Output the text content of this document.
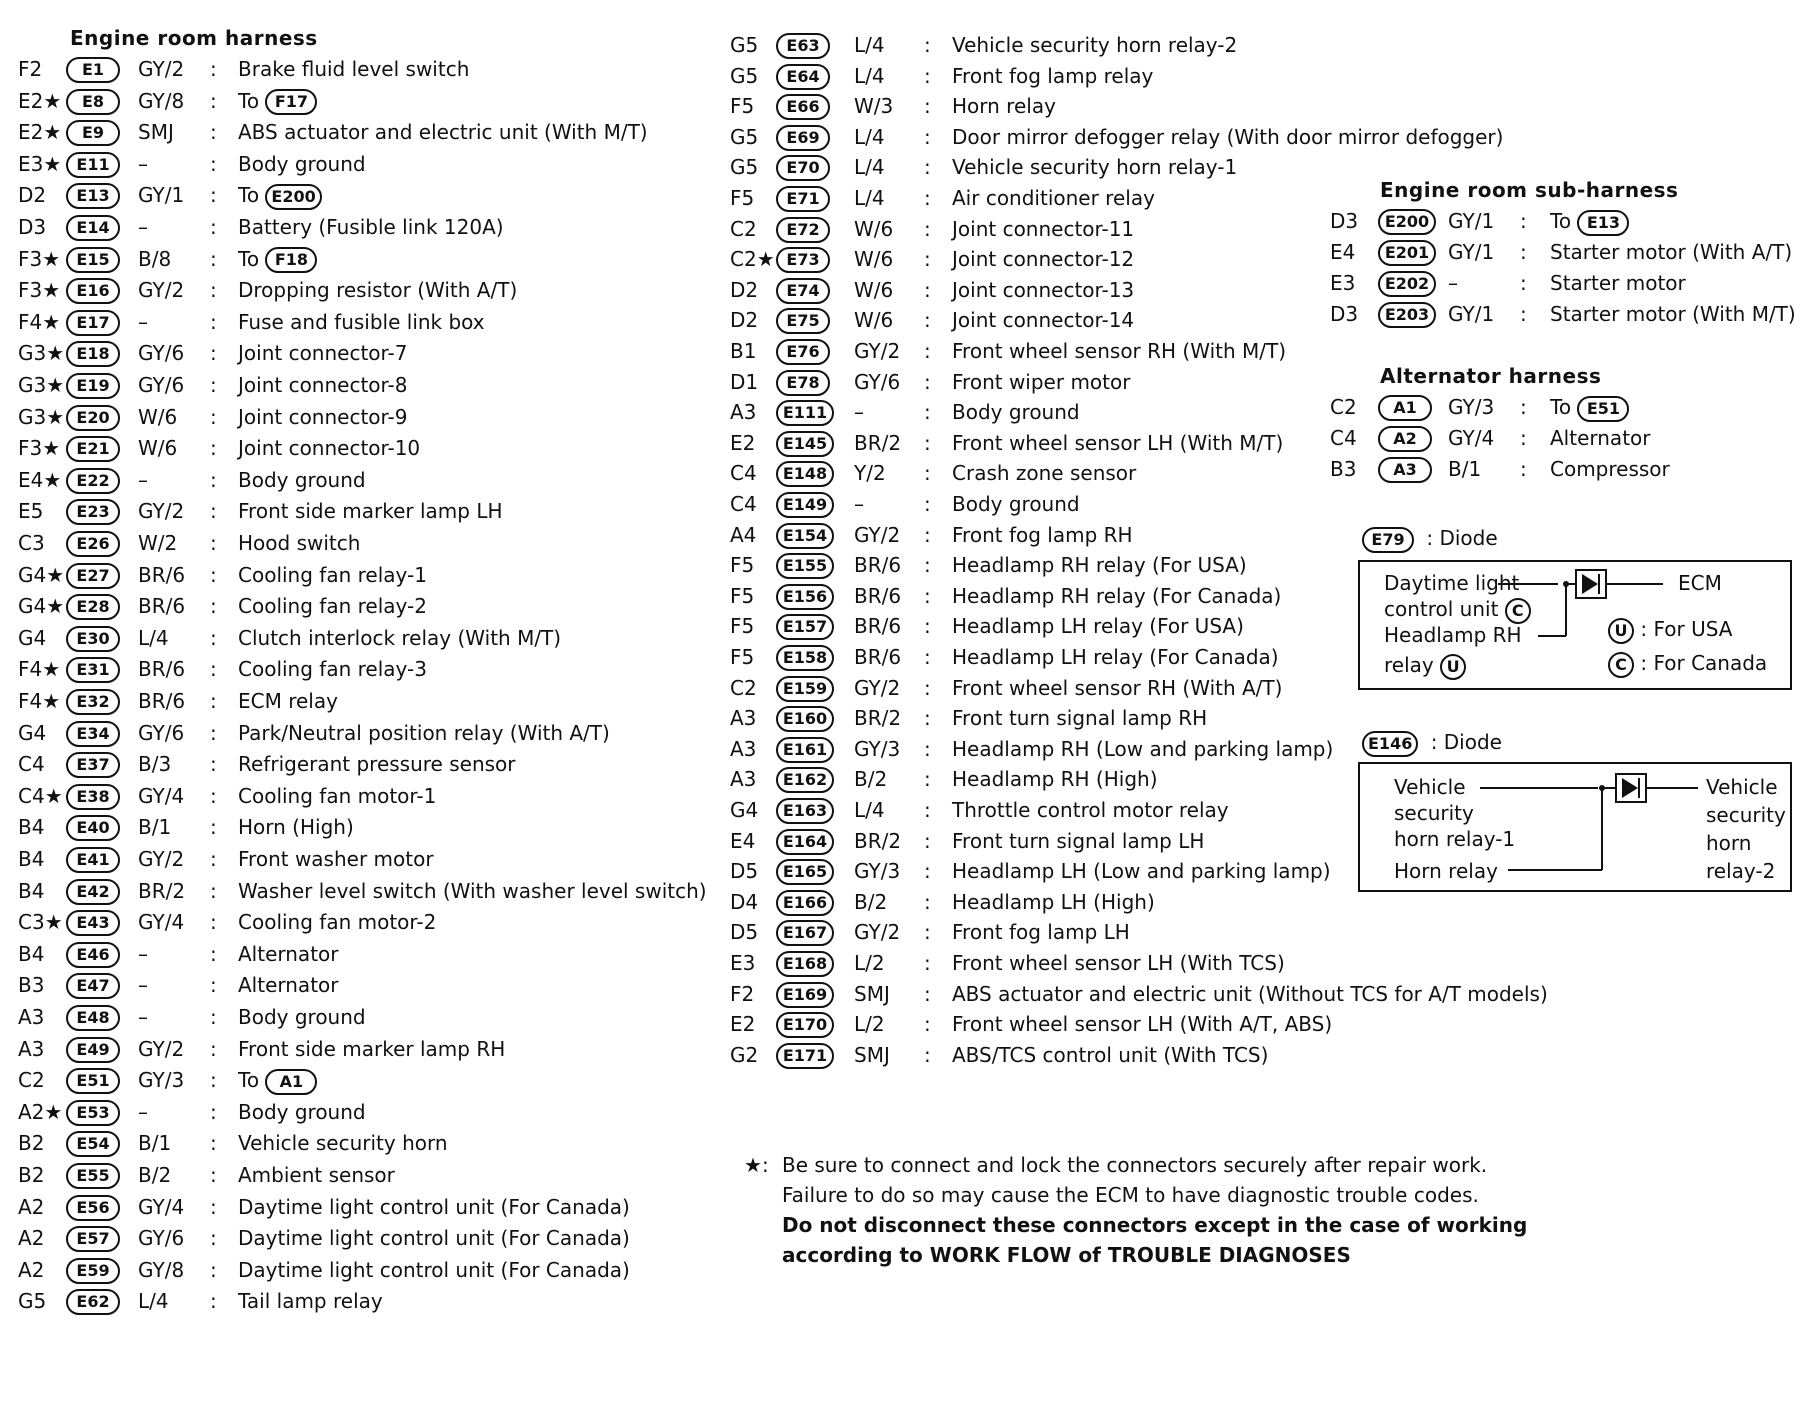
Engine room harness
Engine room sub-harness
Alternator harness
F2	E1	GY/2 : Brake fluid level switch
E2★	E8	GY/8 : To F17
E2★	E9	SMJ : ABS actuator and electric unit (With M/T)
E3★ E11	–	: Body ground
D2	E13	GY/1 : To E200
D3	E14	–	: Battery (Fusible link 120A)
F3★	E15	B/8 : To F18
F3★	E16	GY/2 : Dropping resistor (With A/T)
F4★	E17	–	: Fuse and fusible link box
G3★ E18	GY/6 : Joint connector-7
G3★ E19	GY/6 : Joint connector-8
G3★ E20	W/6 : Joint connector-9
F3★	E21	W/6 : Joint connector-10
E4★ E22	–	: Body ground
E5	E23	GY/2 : Front side marker lamp LH
C3	E26	W/2 : Hood switch
G4★ E27	BR/6 : Cooling fan relay-1
G4★ E28	BR/6 : Cooling fan relay-2
G4	E30	L/4 : Clutch interlock relay (With M/T)
F4★	E31	BR/6 : Cooling fan relay-3
F4★	E32	BR/6 : ECM relay
G4	E34	GY/6 : Park/Neutral position relay (With A/T)
C4	E37	B/3 : Refrigerant pressure sensor
C4★ E38	GY/4 : Cooling fan motor-1
B4	E40	B/1 : Horn (High)
B4	E41	GY/2 : Front washer motor
B4	E42	BR/2 : Washer level switch (With washer level switch)
C3★ E43	GY/4 : Cooling fan motor-2
B4	E46	–	: Alternator
B3	E47	–	: Alternator
A3	E48	–	: Body ground
A3	E49	GY/2 : Front side marker lamp RH
C2	E51	GY/3 : To A1
A2★ E53	–	: Body ground
B2	E54	B/1 : Vehicle security horn
B2	E55	B/2 : Ambient sensor
A2	E56	GY/4 : Daytime light control unit (For Canada)
A2	E57	GY/6 : Daytime light control unit (For Canada)
A2	E59	GY/8 : Daytime light control unit (For Canada)
G5	E62	L/4 : Tail lamp relay
G5	E63	L/4 : Vehicle security horn relay-2
G5	E64	L/4 : Front fog lamp relay
F5	E66	W/3 : Horn relay
G5	E69	L/4 : Door mirror defogger relay (With door mirror defogger)
G5	E70	L/4 : Vehicle security horn relay-1
F5	E71	L/4 : Air conditioner relay
C2	E72	W/6 : Joint connector-11
C2★ E73	W/6 : Joint connector-12
D2	E74	W/6 : Joint connector-13
D2	E75	W/6 : Joint connector-14
B1	E76	GY/2 : Front wheel sensor RH (With M/T)
D1	E78	GY/6 : Front wiper motor
A3	E111	–	: Body ground
E2	E145	BR/2 : Front wheel sensor LH (With M/T)
C4	E148	Y/2 : Crash zone sensor
C4	E149	–	: Body ground
A4	E154	GY/2 : Front fog lamp RH
F5	E155	BR/6 : Headlamp RH relay (For USA)
F5	E156	BR/6 : Headlamp RH relay (For Canada)
F5	E157	BR/6 : Headlamp LH relay (For USA)
F5	E158	BR/6 : Headlamp LH relay (For Canada)
C2	E159	GY/2 : Front wheel sensor RH (With A/T)
A3	E160	BR/2 : Front turn signal lamp RH
A3	E161	GY/3 : Headlamp RH (Low and parking lamp)
A3	E162	B/2 : Headlamp RH (High)
G4	E163	L/4 : Throttle control motor relay
E4	E164	BR/2 : Front turn signal lamp LH
D5	E165	GY/3 : Headlamp LH (Low and parking lamp)
D4	E166	B/2 : Headlamp LH (High)
D5	E167	GY/2 : Front fog lamp LH
E3	E168	L/2 : Front wheel sensor LH (With TCS)
F2	E169	SMJ : ABS actuator and electric unit (Without TCS for A/T models)
E2	E170	L/2 : Front wheel sensor LH (With A/T, ABS)
G2	E171	SMJ : ABS/TCS control unit (With TCS)
D3	E200 GY/1 : To E13
E4	E201 GY/1 : Starter motor (With A/T)
E3	E202 –	: Starter motor
D3	E203 GY/1 : Starter motor (With M/T)
C2	A1	GY/3 : To E51
C4	A2	GY/4 : Alternator
B3	A3	B/1 : Compressor
E79 : Diode
Daytime light
control unit C
Headlamp RH
relay U
ECM
U : For USA
C : For Canada
E146 : Diode
Vehicle
security
horn relay-1
Horn relay
Vehicle
security
horn
relay-2
★: Be sure to connect and lock the connectors securely after repair work.
Failure to do so may cause the ECM to have diagnostic trouble codes.
Do not disconnect these connectors except in the case of working
according to WORK FLOW of TROUBLE DIAGNOSES
